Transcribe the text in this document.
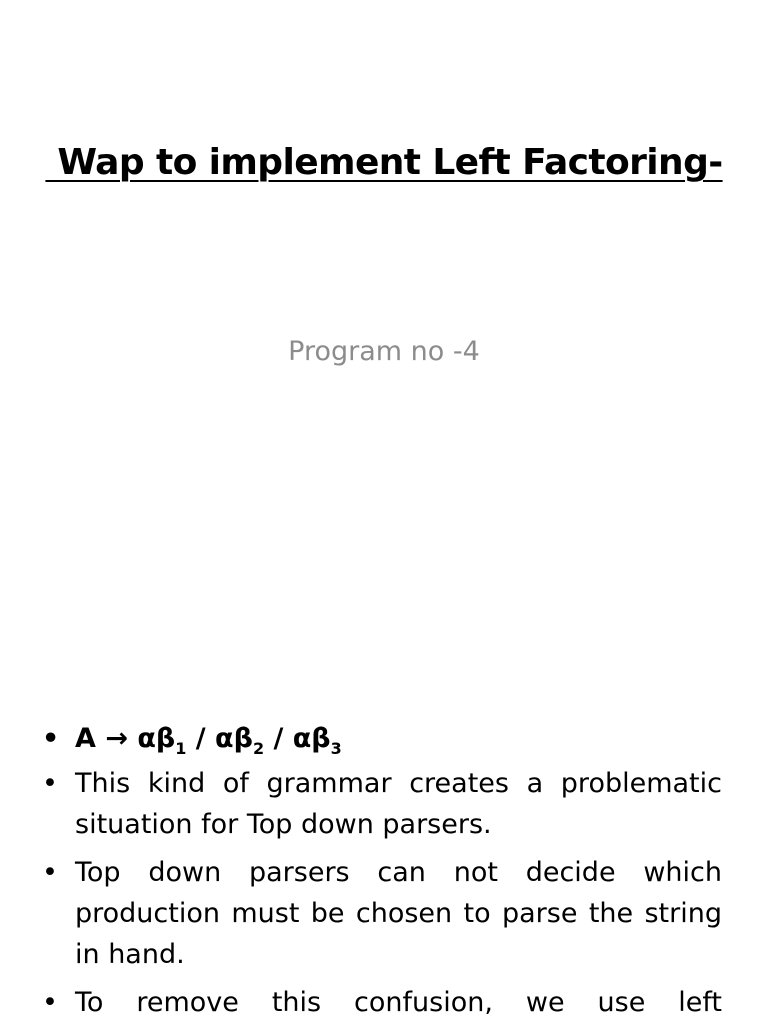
Wap to implement Left Factoring-

Program no -4

• $A \to \alpha\beta_1 / \alpha\beta_2 / \alpha\beta_3$
• This kind of grammar creates a problematic situation for Top down parsers.
• Top down parsers can not decide which production must be chosen to parse the string in hand.
• To remove this confusion, we use left
